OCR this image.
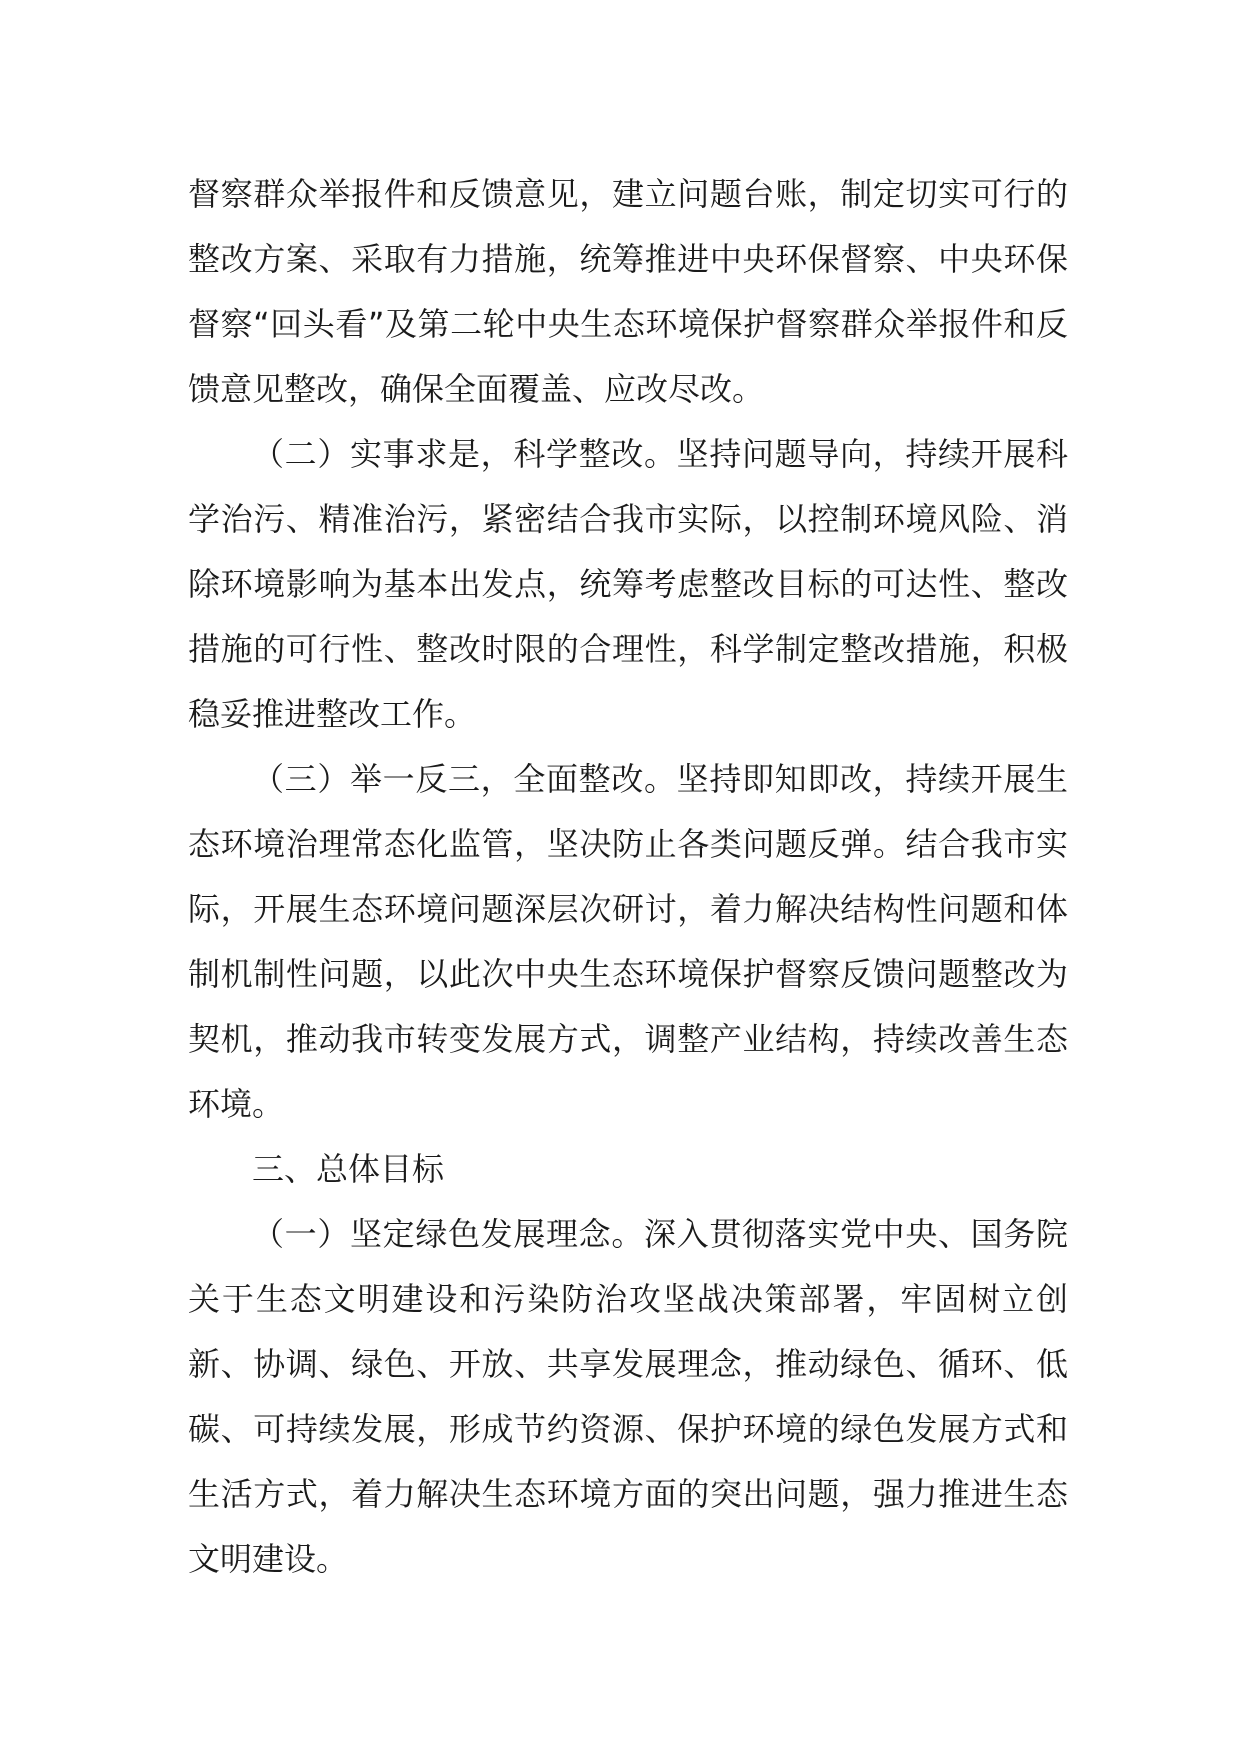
督察群众举报件和反馈意见，建立问题台账，制定切实可行的整改方案、采取有力措施，统筹推进中央环保督察、中央环保督察“回头看”及第二轮中央生态环境保护督察群众举报件和反馈意见整改，确保全面覆盖、应改尽改。

（二）实事求是，科学整改。坚持问题导向，持续开展科学治污、精准治污，紧密结合我市实际，以控制环境风险、消除环境影响为基本出发点，统筹考虑整改目标的可达性、整改措施的可行性、整改时限的合理性，科学制定整改措施，积极稳妥推进整改工作。

（三）举一反三，全面整改。坚持即知即改，持续开展生态环境治理常态化监管，坚决防止各类问题反弹。结合我市实际，开展生态环境问题深层次研讨，着力解决结构性问题和体制机制性问题，以此次中央生态环境保护督察反馈问题整改为契机，推动我市转变发展方式，调整产业结构，持续改善生态环境。

三、总体目标

（一）坚定绿色发展理念。深入贯彻落实党中央、国务院关于生态文明建设和污染防治攻坚战决策部署，牢固树立创新、协调、绿色、开放、共享发展理念，推动绿色、循环、低碳、可持续发展，形成节约资源、保护环境的绿色发展方式和生活方式，着力解决生态环境方面的突出问题，强力推进生态文明建设。
